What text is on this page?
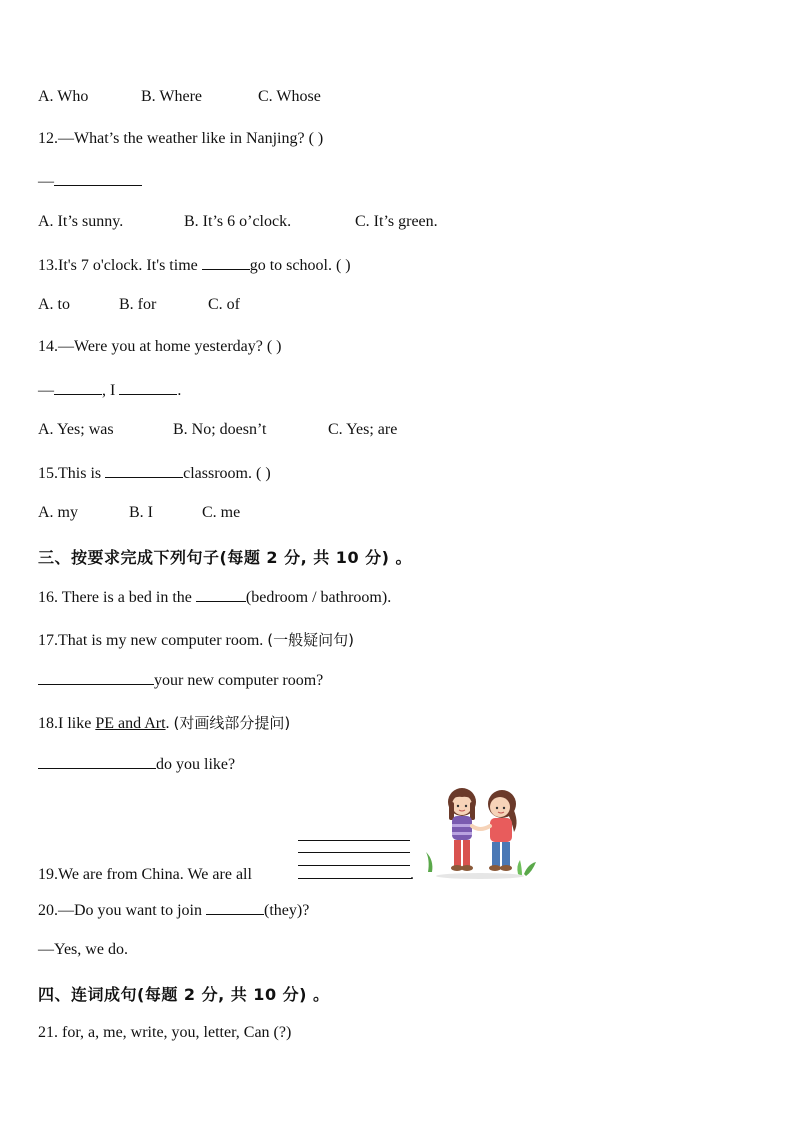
A. Who	B. Where	C. Whose
12.—What’s the weather like in Nanjing? ( )
—
A. It’s sunny.	B. It’s 6 o’clock.	C. It’s green.
13.It's 7 o'clock. It's time	go to school. ( )
A. to	B. for	C. of
14.—Were you at home yesterday? ( )
—	, I	.
A. Yes; was	B. No; doesn’t	C. Yes; are
15.This is	classroom. ( )
A. my	B. I	C. me
三、按要求完成下列句子(每题 2 分, 共 10 分) 。
16. There is a bed in the	(bedroom / bathroom).
17.That is my new computer room. (一般疑问句)
your new computer room?
18.I like PE and Art. (对画线部分提问)
do you like?
19.We are from China. We are all	.
20.—Do you want to join	(they)?
—Yes, we do.
四、连词成句(每题 2 分, 共 10 分) 。
21. for, a, me, write, you, letter, Can (?)
